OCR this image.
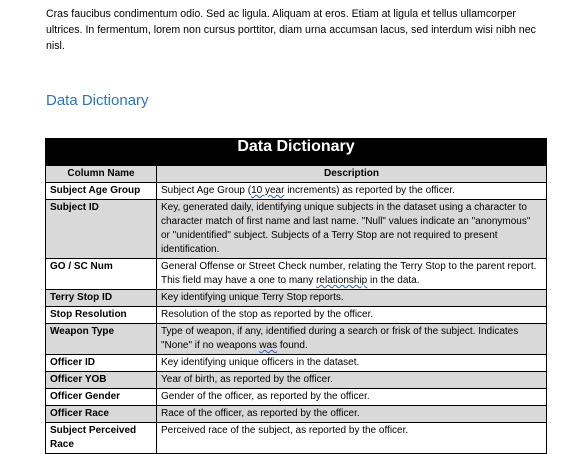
Cras faucibus condimentum odio. Sed ac ligula. Aliquam at eros. Etiam at ligula et tellus ullamcorper ultrices. In fermentum, lorem non cursus porttitor, diam urna accumsan lacus, sed interdum wisi nibh nec nisl.

Data Dictionary
Data Dictionary	
Column Name	Description
Subject Age Group	Subject Age Group (10 year increments) as reported by the officer.
Subject ID	Key, generated daily, identifying unique subjects in the dataset using a character to character match of first name and last name. "Null" values indicate an "anonymous" or "unidentified" subject. Subjects of a Terry Stop are not required to present identification.
GO / SC Num	General Offense or Street Check number, relating the Terry Stop to the parent report. This field may have a one to many relationship in the data.
Terry Stop ID	Key identifying unique Terry Stop reports.
Stop Resolution	Resolution of the stop as reported by the officer.
Weapon Type	Type of weapon, if any, identified during a search or frisk of the subject. Indicates "None" if no weapons was found.
Officer ID	Key identifying unique officers in the dataset.
Officer YOB	Year of birth, as reported by the officer.
Officer Gender	Gender of the officer, as reported by the officer.
Officer Race	Race of the officer, as reported by the officer.
Subject Perceived Race	Perceived race of the subject, as reported by the officer.
